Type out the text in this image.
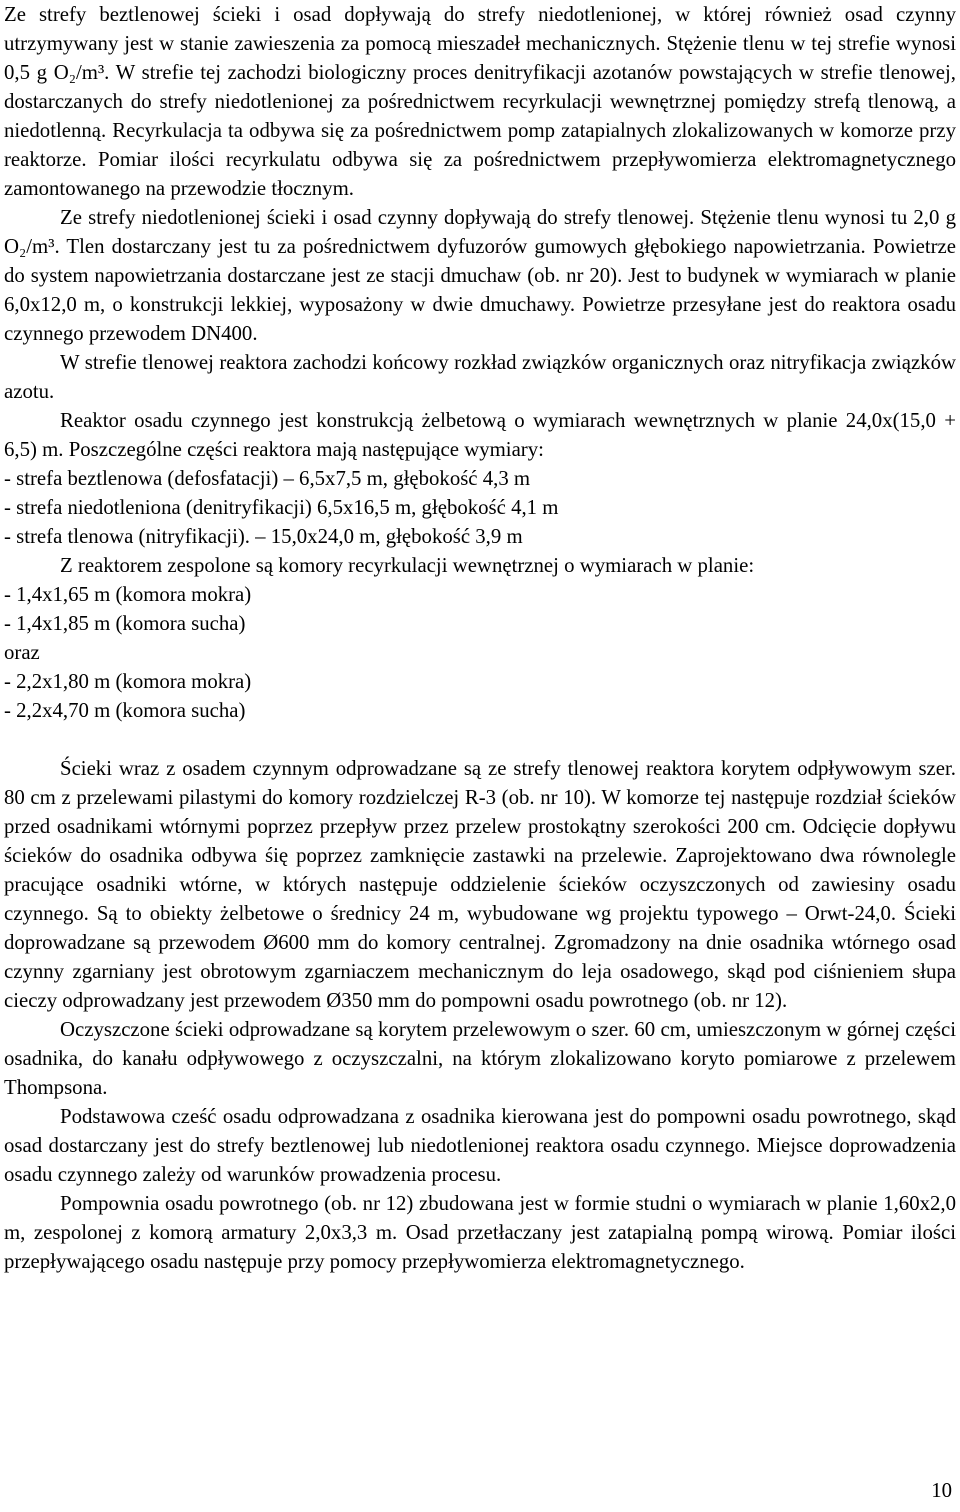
Ze strefy beztlenowej ścieki i osad dopływają do strefy niedotlenionej, w której również osad czynny utrzymywany jest w stanie zawieszenia za pomocą mieszadeł mechanicznych. Stężenie tlenu w tej strefie wynosi 0,5 g O₂/m³. W strefie tej zachodzi biologiczny proces denitryfikacji azotanów powstających w strefie tlenowej, dostarczanych do strefy niedotlenionej za pośrednictwem recyrkulacji wewnętrznej pomiędzy strefą tlenową, a niedotlenną. Recyrkulacja ta odbywa się za pośrednictwem pomp zatapialnych zlokalizowanych w komorze przy reaktorze. Pomiar ilości recyrkulatu odbywa się za pośrednictwem przepływomierza elektromagnetycznego zamontowanego na przewodzie tłocznym.

Ze strefy niedotlenionej ścieki i osad czynny dopływają do strefy tlenowej. Stężenie tlenu wynosi tu 2,0 g O₂/m³. Tlen dostarczany jest tu za pośrednictwem dyfuzorów gumowych głębokiego napowietrzania. Powietrze do system napowietrzania dostarczane jest ze stacji dmuchaw (ob. nr 20). Jest to budynek w wymiarach w planie 6,0x12,0 m, o konstrukcji lekkiej, wyposażony w dwie dmuchawy. Powietrze przesyłane jest do reaktora osadu czynnego przewodem DN400.

W strefie tlenowej reaktora zachodzi końcowy rozkład związków organicznych oraz nitryfikacja związków azotu.

Reaktor osadu czynnego jest konstrukcją żelbetową o wymiarach wewnętrznych w planie 24,0x(15,0 + 6,5) m. Poszczególne części reaktora mają następujące wymiary:

- strefa beztlenowa (defosfatacji) – 6,5x7,5 m, głębokość 4,3 m

- strefa niedotleniona (denitryfikacji) 6,5x16,5 m, głębokość 4,1 m

- strefa tlenowa (nitryfikacji). – 15,0x24,0 m, głębokość 3,9 m

Z reaktorem zespolone są komory recyrkulacji wewnętrznej o wymiarach w planie:

- 1,4x1,65 m (komora mokra)

- 1,4x1,85 m (komora sucha)

oraz

- 2,2x1,80 m (komora mokra)

- 2,2x4,70 m (komora sucha)

Ścieki wraz z osadem czynnym odprowadzane są ze strefy tlenowej reaktora korytem odpływowym szer. 80 cm z przelewami pilastymi do komory rozdzielczej R-3 (ob. nr 10). W komorze tej następuje rozdział ścieków przed osadnikami wtórnymi poprzez przepływ przez przelew prostokątny szerokości 200 cm. Odcięcie dopływu ścieków do osadnika odbywa śię poprzez zamknięcie zastawki na przelewie. Zaprojektowano dwa równolegle pracujące osadniki wtórne, w których następuje oddzielenie ścieków oczyszczonych od zawiesiny osadu czynnego. Są to obiekty żelbetowe o średnicy 24 m, wybudowane wg projektu typowego – Orwt-24,0. Ścieki doprowadzane są przewodem Ø600 mm do komory centralnej. Zgromadzony na dnie osadnika wtórnego osad czynny zgarniany jest obrotowym zgarniaczem mechanicznym do leja osadowego, skąd pod ciśnieniem słupa cieczy odprowadzany jest przewodem Ø350 mm do pompowni osadu powrotnego (ob. nr 12).

Oczyszczone ścieki odprowadzane są korytem przelewowym o szer. 60 cm, umieszczonym w górnej części osadnika, do kanału odpływowego z oczyszczalni, na którym zlokalizowano koryto pomiarowe z przelewem Thompsona.

Podstawowa cześć osadu odprowadzana z osadnika kierowana jest do pompowni osadu powrotnego, skąd osad dostarczany jest do strefy beztlenowej lub niedotlenionej reaktora osadu czynnego. Miejsce doprowadzenia osadu czynnego zależy od warunków prowadzenia procesu.

Pompownia osadu powrotnego (ob. nr 12) zbudowana jest w formie studni o wymiarach w planie 1,60x2,0 m, zespolonej z komorą armatury 2,0x3,3 m. Osad przetłaczany jest zatapialną pompą wirową. Pomiar ilości przepływającego osadu następuje przy pomocy przepływomierza elektromagnetycznego.

10
